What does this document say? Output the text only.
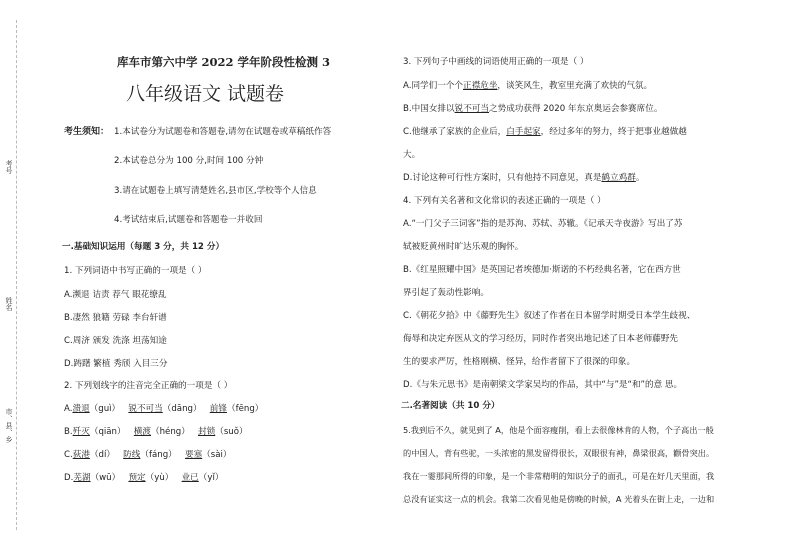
考号
姓名
市、县、乡
库车市第六中学 2022 学年阶段性检测 3
八年级语文 试题卷
考生须知： 1.本试卷分为试题卷和答题卷,请勿在试题卷或草稿纸作答
2.本试卷总分为 100 分,时间 100 分钟
3.请在试题卷上填写清楚姓名,县市区,学校等个人信息
4.考试结束后,试题卷和答题卷一并收回
一.基础知识运用（每题 3 分，共 12 分）
1. 下列词语中书写正确的一项是（ ）
A.濒退 诘责 荐气 眼花缭乱
B.凄然 狼籍 劳碌 李台轩谱
C.周济 颁发 洗涤 坦荡知途
D.踌躇 繁植 秀颀 入目三分
2. 下列划线字的注音完全正确的一项是（ ）
A.溃退（guì） 锐不可当（dāng） 前锋（fēng）
B.歼灭（qiān） 横渡（héng） 封锁（suǒ）
C.荻港（dí） 防线（fáng） 要塞（sài）
D.芜湖（wū） 预定（yù） 业已（yǐ）
3. 下列句子中画线的词语使用正确的一项是（ ）
A.同学们一个个正襟危坐，谈笑风生，教室里充满了欢快的气氛。
B.中国女排以锐不可当之势成功获得 2020 年东京奥运会参赛席位。
C.他继承了家族的企业后，白手起家，经过多年的努力，终于把事业越做越
大。
D.讨论这种可行性方案时，只有他持不同意见，真是鹤立鸡群。
4. 下列有关名著和文化常识的表述正确的一项是（ ）
A.“一门父子三词客”指的是苏洵、苏轼、苏辙。《记承天寺夜游》写出了苏
轼被贬黄州时旷达乐观的胸怀。
B.《红星照耀中国》是英国记者埃德加·斯诺的不朽经典名著，它在西方世
界引起了轰动性影响。
C.《朝花夕拾》中《藤野先生》叙述了作者在日本留学时期受日本学生歧视、
侮辱和决定弃医从文的学习经历，同时作者突出地记述了日本老师藤野先
生的要求严厉，性格刚横、怪异，给作者留下了很深的印象。
D.《与朱元思书》是南朝梁文学家吴均的作品，其中“与”是“和”的意 思。
二.名著阅读（共 10 分）
5.我到后不久，就见到了 A，他是个面容瘦削，看上去很像林肯的人物，个子高出一般
的中国人，背有些驼，一头浓密的黑发留得很长，双眼很有神，鼻梁很高，颧骨突出。
我在一霎那间所得的印象，是一个非常精明的知识分子的面孔，可是在好几天里面，我
总没有证实这一点的机会。我第二次看见他是傍晚的时候，A 光着头在街上走，一边和
